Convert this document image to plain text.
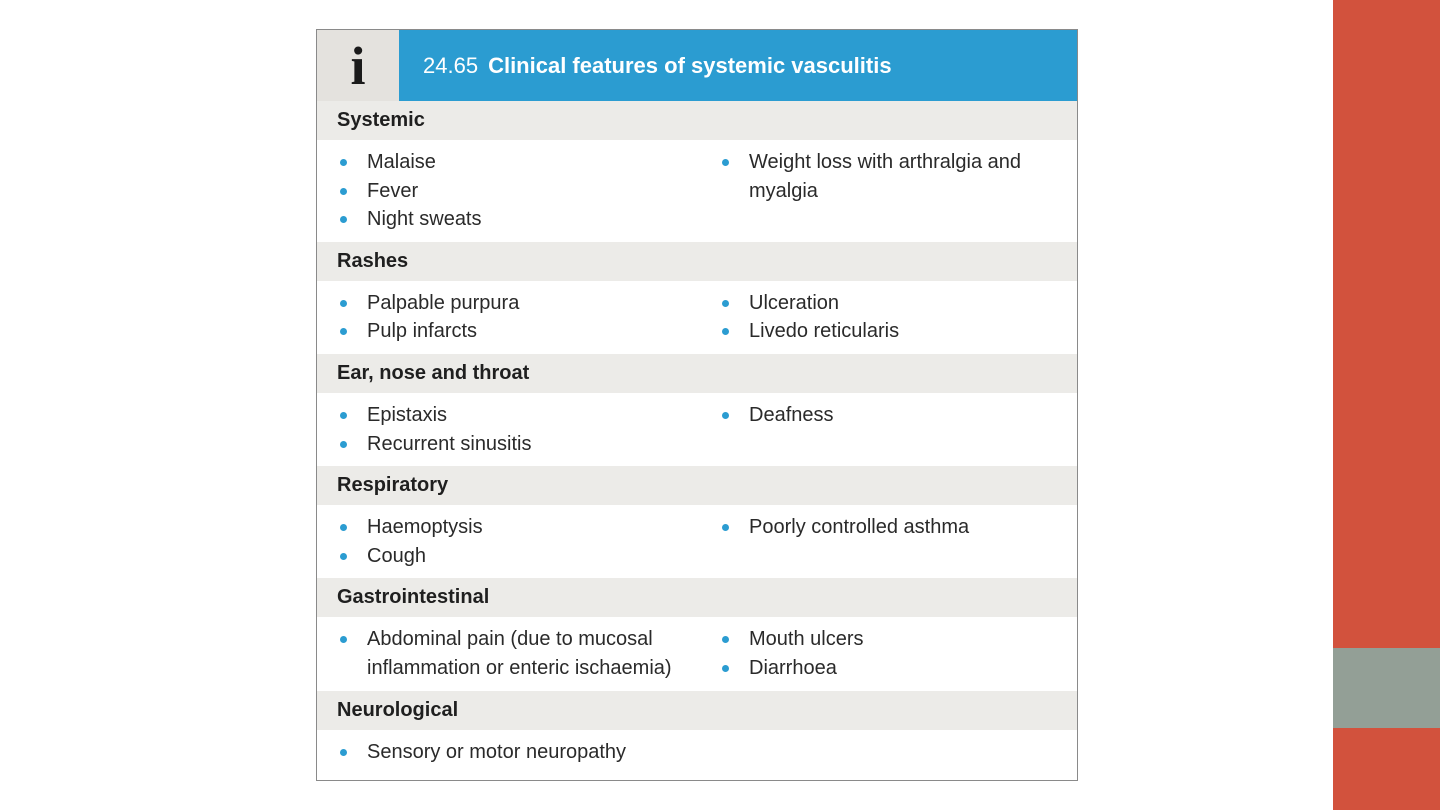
i	24.65 Clinical features of systemic vasculitis
Systemic
Malaise
Fever
Night sweats
Weight loss with arthralgia and myalgia
Rashes
Palpable purpura
Pulp infarcts
Ulceration
Livedo reticularis
Ear, nose and throat
Epistaxis
Recurrent sinusitis
Deafness
Respiratory
Haemoptysis
Cough
Poorly controlled asthma
Gastrointestinal
Abdominal pain (due to mucosal inflammation or enteric ischaemia)
Mouth ulcers
Diarrhoea
Neurological
Sensory or motor neuropathy
